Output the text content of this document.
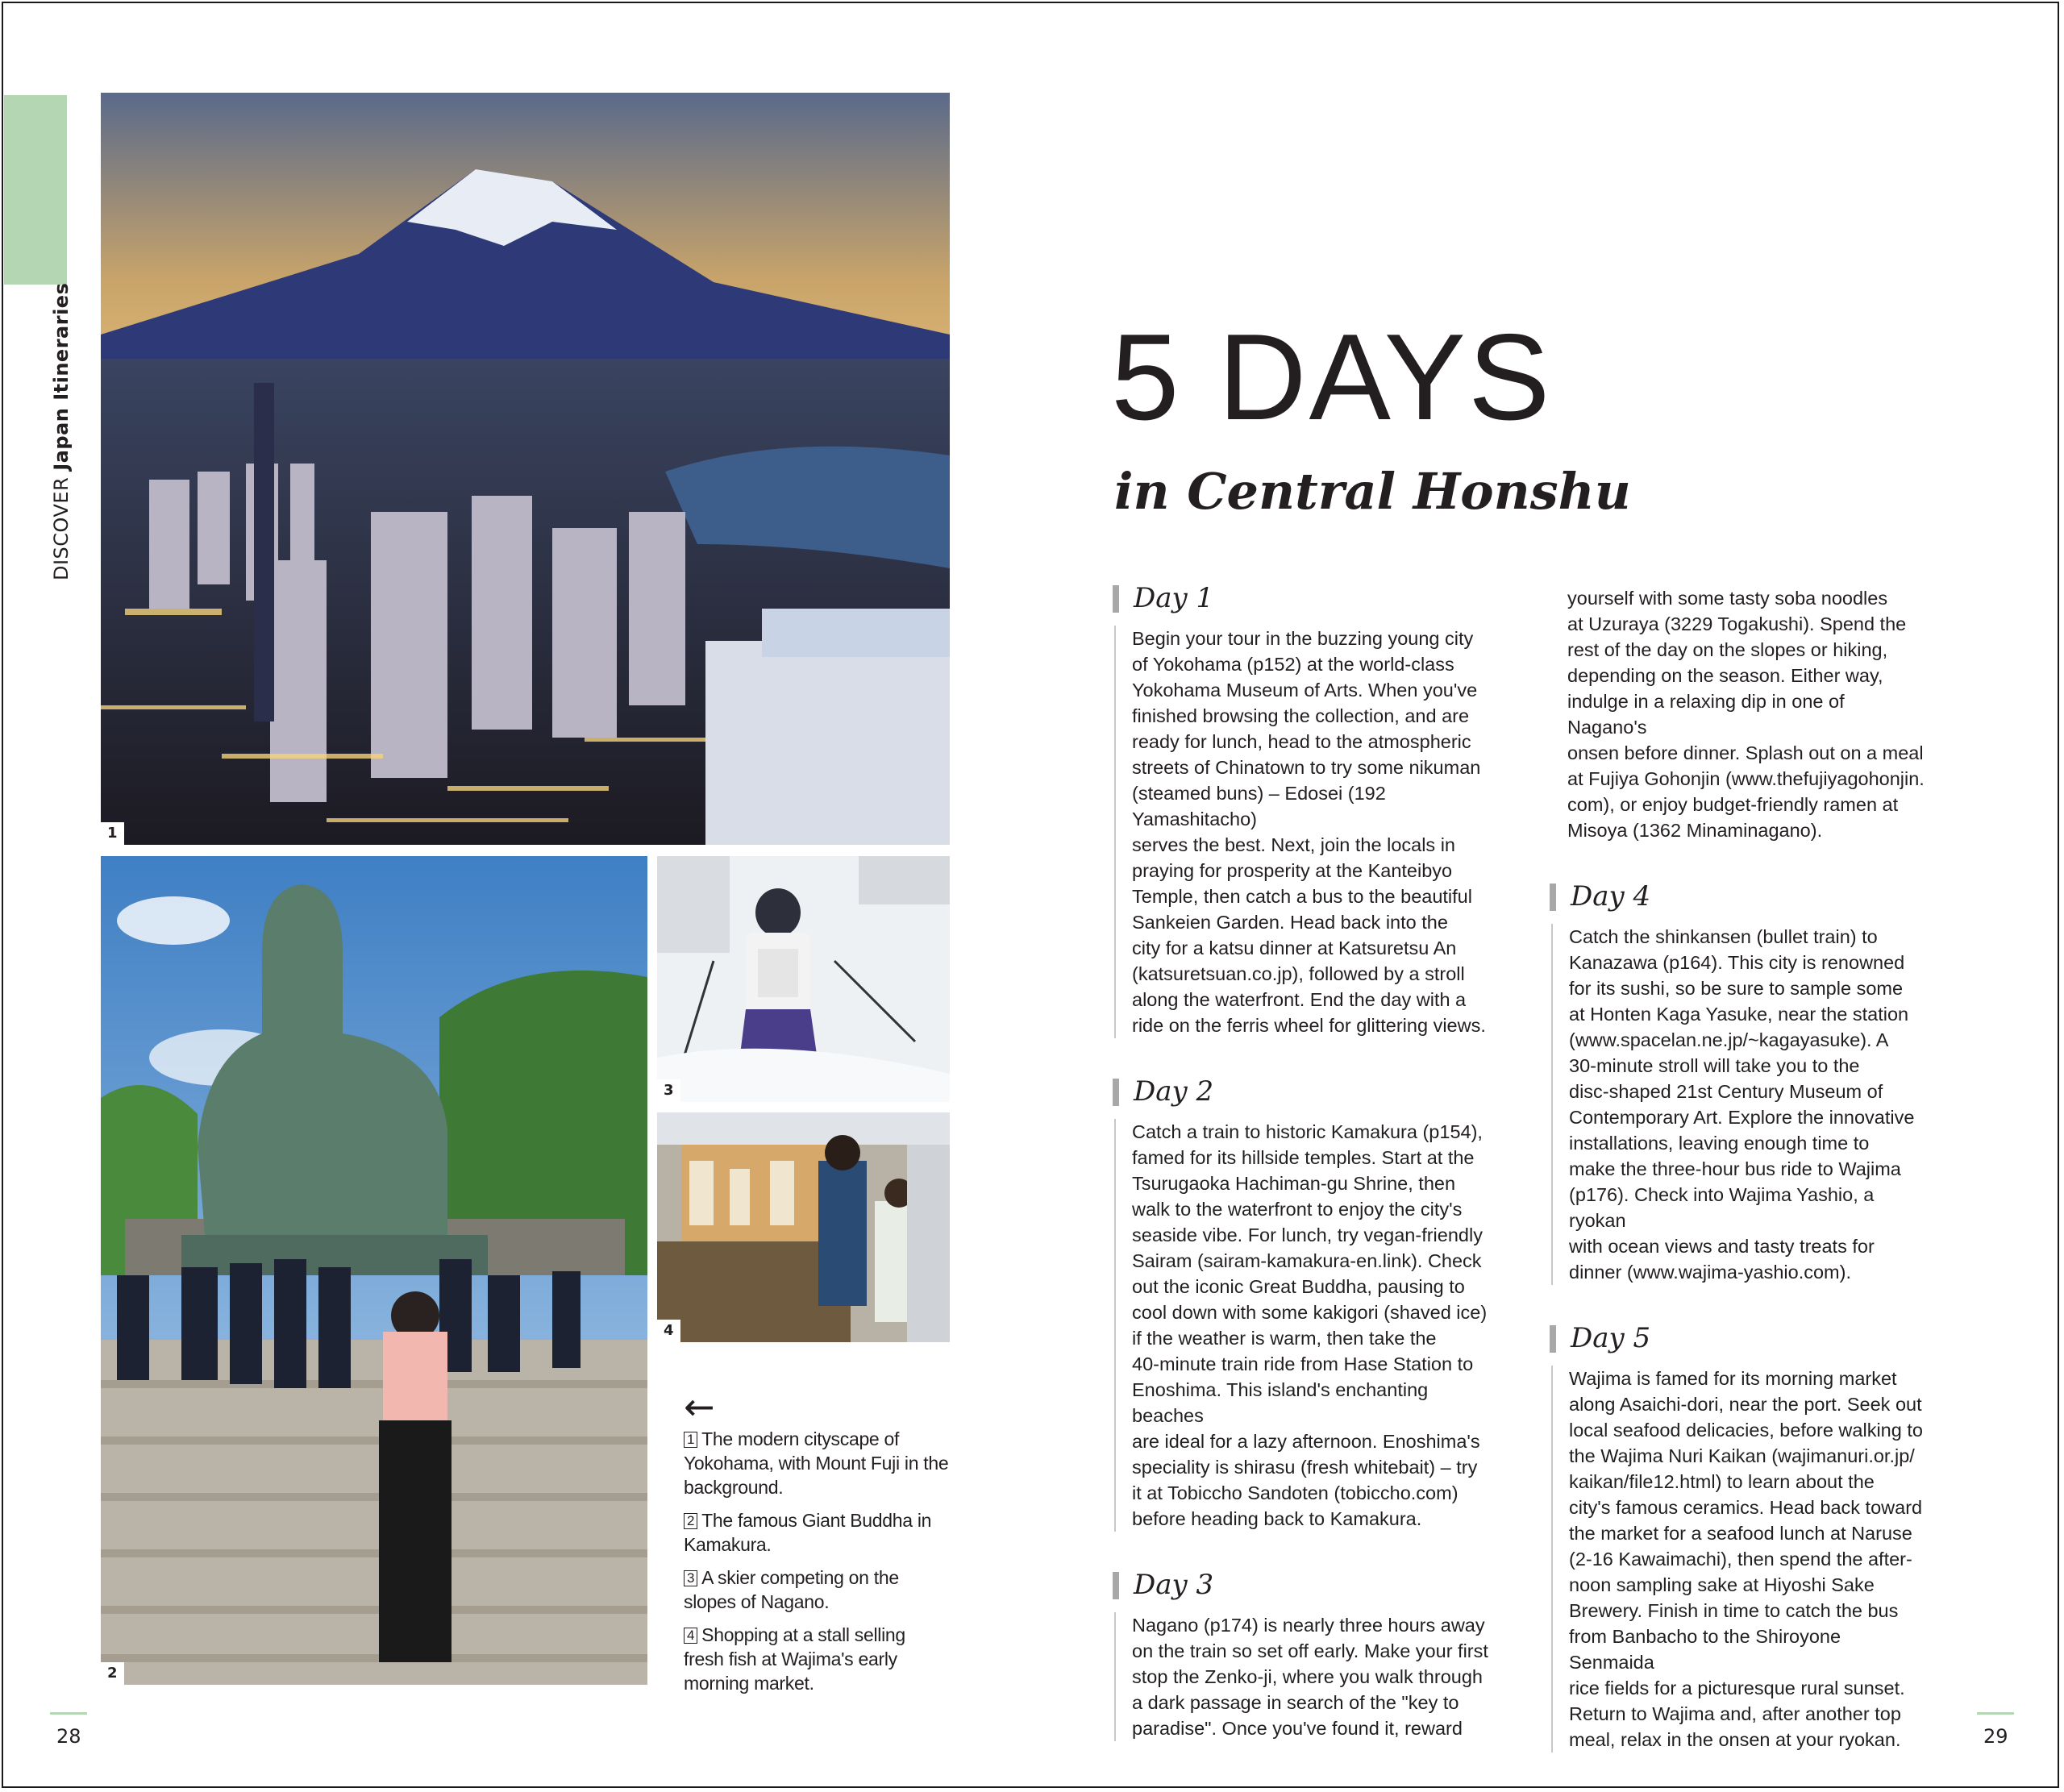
DISCOVERJapan Itineraries
1
2
3
4
←
1 The modern cityscape of Yokohama, with Mount Fuji in the background.
2 The famous Giant Buddha in Kamakura.
3 A skier competing on the slopes of Nagano.
4 Shopping at a stall selling fresh fish at Wajima's early morning market.
5 DAYS
in Central Honshu
Day 1
Begin your tour in the buzzing young city
of Yokohama (p152) at the world-class
Yokohama Museum of Arts. When you've
finished browsing the collection, and are
ready for lunch, head to the atmospheric
streets of Chinatown to try some nikuman
(steamed buns) – Edosei (192 Yamashitacho)
serves the best. Next, join the locals in
praying for prosperity at the Kanteibyo
Temple, then catch a bus to the beautiful
Sankeien Garden. Head back into the
city for a katsu dinner at Katsuretsu An
(katsuretsuan.co.jp), followed by a stroll
along the waterfront. End the day with a
ride on the ferris wheel for glittering views.
Day 2
Catch a train to historic Kamakura (p154),
famed for its hillside temples. Start at the
Tsurugaoka Hachiman-gu Shrine, then
walk to the waterfront to enjoy the city's
seaside vibe. For lunch, try vegan-friendly
Sairam (sairam-kamakura-en.link). Check
out the iconic Great Buddha, pausing to
cool down with some kakigori (shaved ice)
if the weather is warm, then take the
40-minute train ride from Hase Station to
Enoshima. This island's enchanting beaches
are ideal for a lazy afternoon. Enoshima's
speciality is shirasu (fresh whitebait) – try
it at Tobiccho Sandoten (tobiccho.com)
before heading back to Kamakura.
Day 3
Nagano (p174) is nearly three hours away
on the train so set off early. Make your first
stop the Zenko-ji, where you walk through
a dark passage in search of the "key to
paradise". Once you've found it, reward
yourself with some tasty soba noodles
at Uzuraya (3229 Togakushi). Spend the
rest of the day on the slopes or hiking,
depending on the season. Either way,
indulge in a relaxing dip in one of Nagano's
onsen before dinner. Splash out on a meal
at Fujiya Gohonjin (www.thefujiyagohonjin.
com), or enjoy budget-friendly ramen at
Misoya (1362 Minaminagano).
Day 4
Catch the shinkansen (bullet train) to
Kanazawa (p164). This city is renowned
for its sushi, so be sure to sample some
at Honten Kaga Yasuke, near the station
(www.spacelan.ne.jp/~kagayasuke). A
30-minute stroll will take you to the
disc-shaped 21st Century Museum of
Contemporary Art. Explore the innovative
installations, leaving enough time to
make the three-hour bus ride to Wajima
(p176). Check into Wajima Yashio, a ryokan
with ocean views and tasty treats for
dinner (www.wajima-yashio.com).
Day 5
Wajima is famed for its morning market
along Asaichi-dori, near the port. Seek out
local seafood delicacies, before walking to
the Wajima Nuri Kaikan (wajimanuri.or.jp/
kaikan/file12.html) to learn about the
city's famous ceramics. Head back toward
the market for a seafood lunch at Naruse
(2-16 Kawaimachi), then spend the after-
noon sampling sake at Hiyoshi Sake
Brewery. Finish in time to catch the bus
from Banbacho to the Shiroyone Senmaida
rice fields for a picturesque rural sunset.
Return to Wajima and, after another top
meal, relax in the onsen at your ryokan.
28	29
